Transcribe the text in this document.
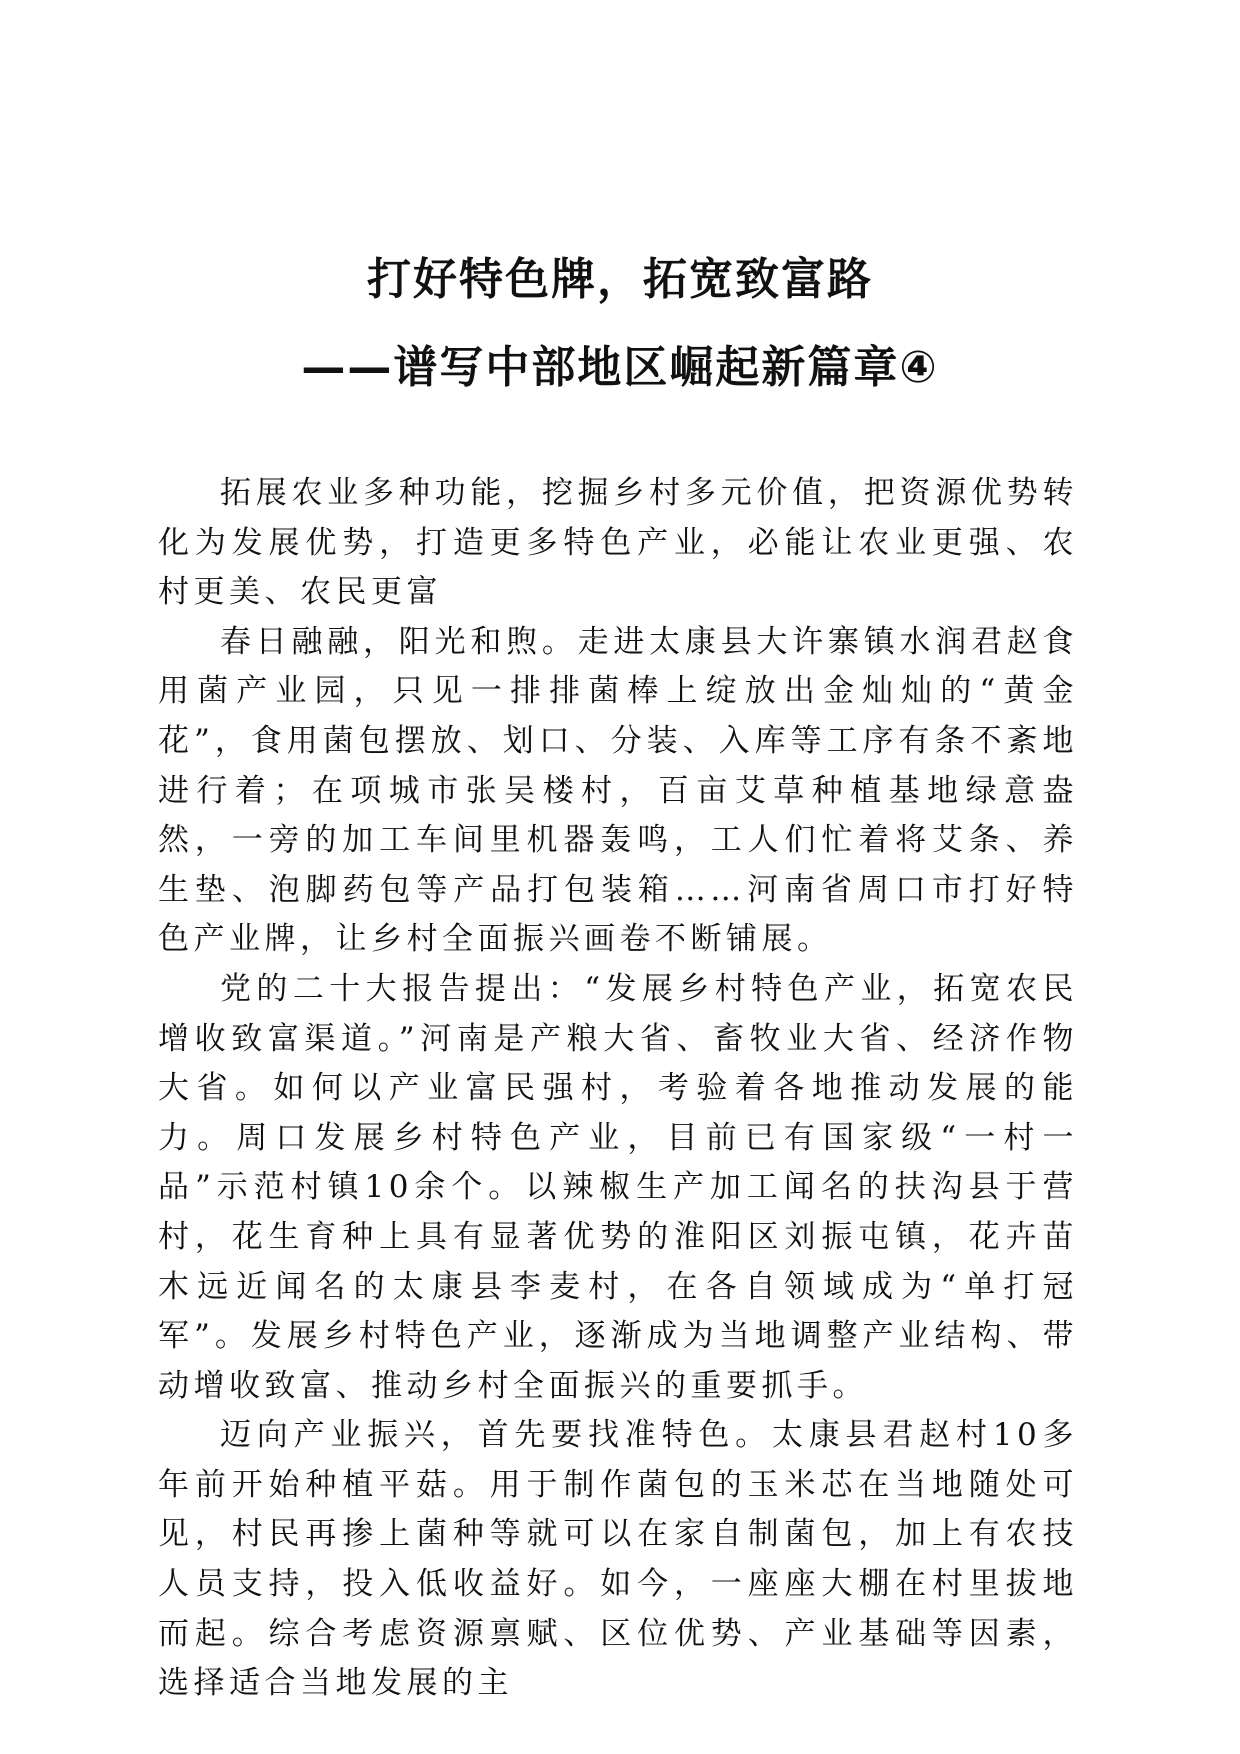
打好特色牌，拓宽致富路
——谱写中部地区崛起新篇章④

拓展农业多种功能，挖掘乡村多元价值，把资源优势转化为发展优势，打造更多特色产业，必能让农业更强、农村更美、农民更富

春日融融，阳光和煦。走进太康县大许寨镇水润君赵食用菌产业园，只见一排排菌棒上绽放出金灿灿的“黄金花”，食用菌包摆放、划口、分装、入库等工序有条不紊地进行着；在项城市张吴楼村，百亩艾草种植基地绿意盎然，一旁的加工车间里机器轰鸣，工人们忙着将艾条、养生垫、泡脚药包等产品打包装箱……河南省周口市打好特色产业牌，让乡村全面振兴画卷不断铺展。

党的二十大报告提出：“发展乡村特色产业，拓宽农民增收致富渠道。”河南是产粮大省、畜牧业大省、经济作物大省。如何以产业富民强村，考验着各地推动发展的能力。周口发展乡村特色产业，目前已有国家级“一村一品”示范村镇10余个。以辣椒生产加工闻名的扶沟县于营村，花生育种上具有显著优势的淮阳区刘振屯镇，花卉苗木远近闻名的太康县李麦村，在各自领域成为“单打冠军”。发展乡村特色产业，逐渐成为当地调整产业结构、带动增收致富、推动乡村全面振兴的重要抓手。

迈向产业振兴，首先要找准特色。太康县君赵村10多年前开始种植平菇。用于制作菌包的玉米芯在当地随处可见，村民再掺上菌种等就可以在家自制菌包，加上有农技人员支持，投入低收益好。如今，一座座大棚在村里拔地而起。综合考虑资源禀赋、区位优势、产业基础等因素，选择适合当地发展的主
